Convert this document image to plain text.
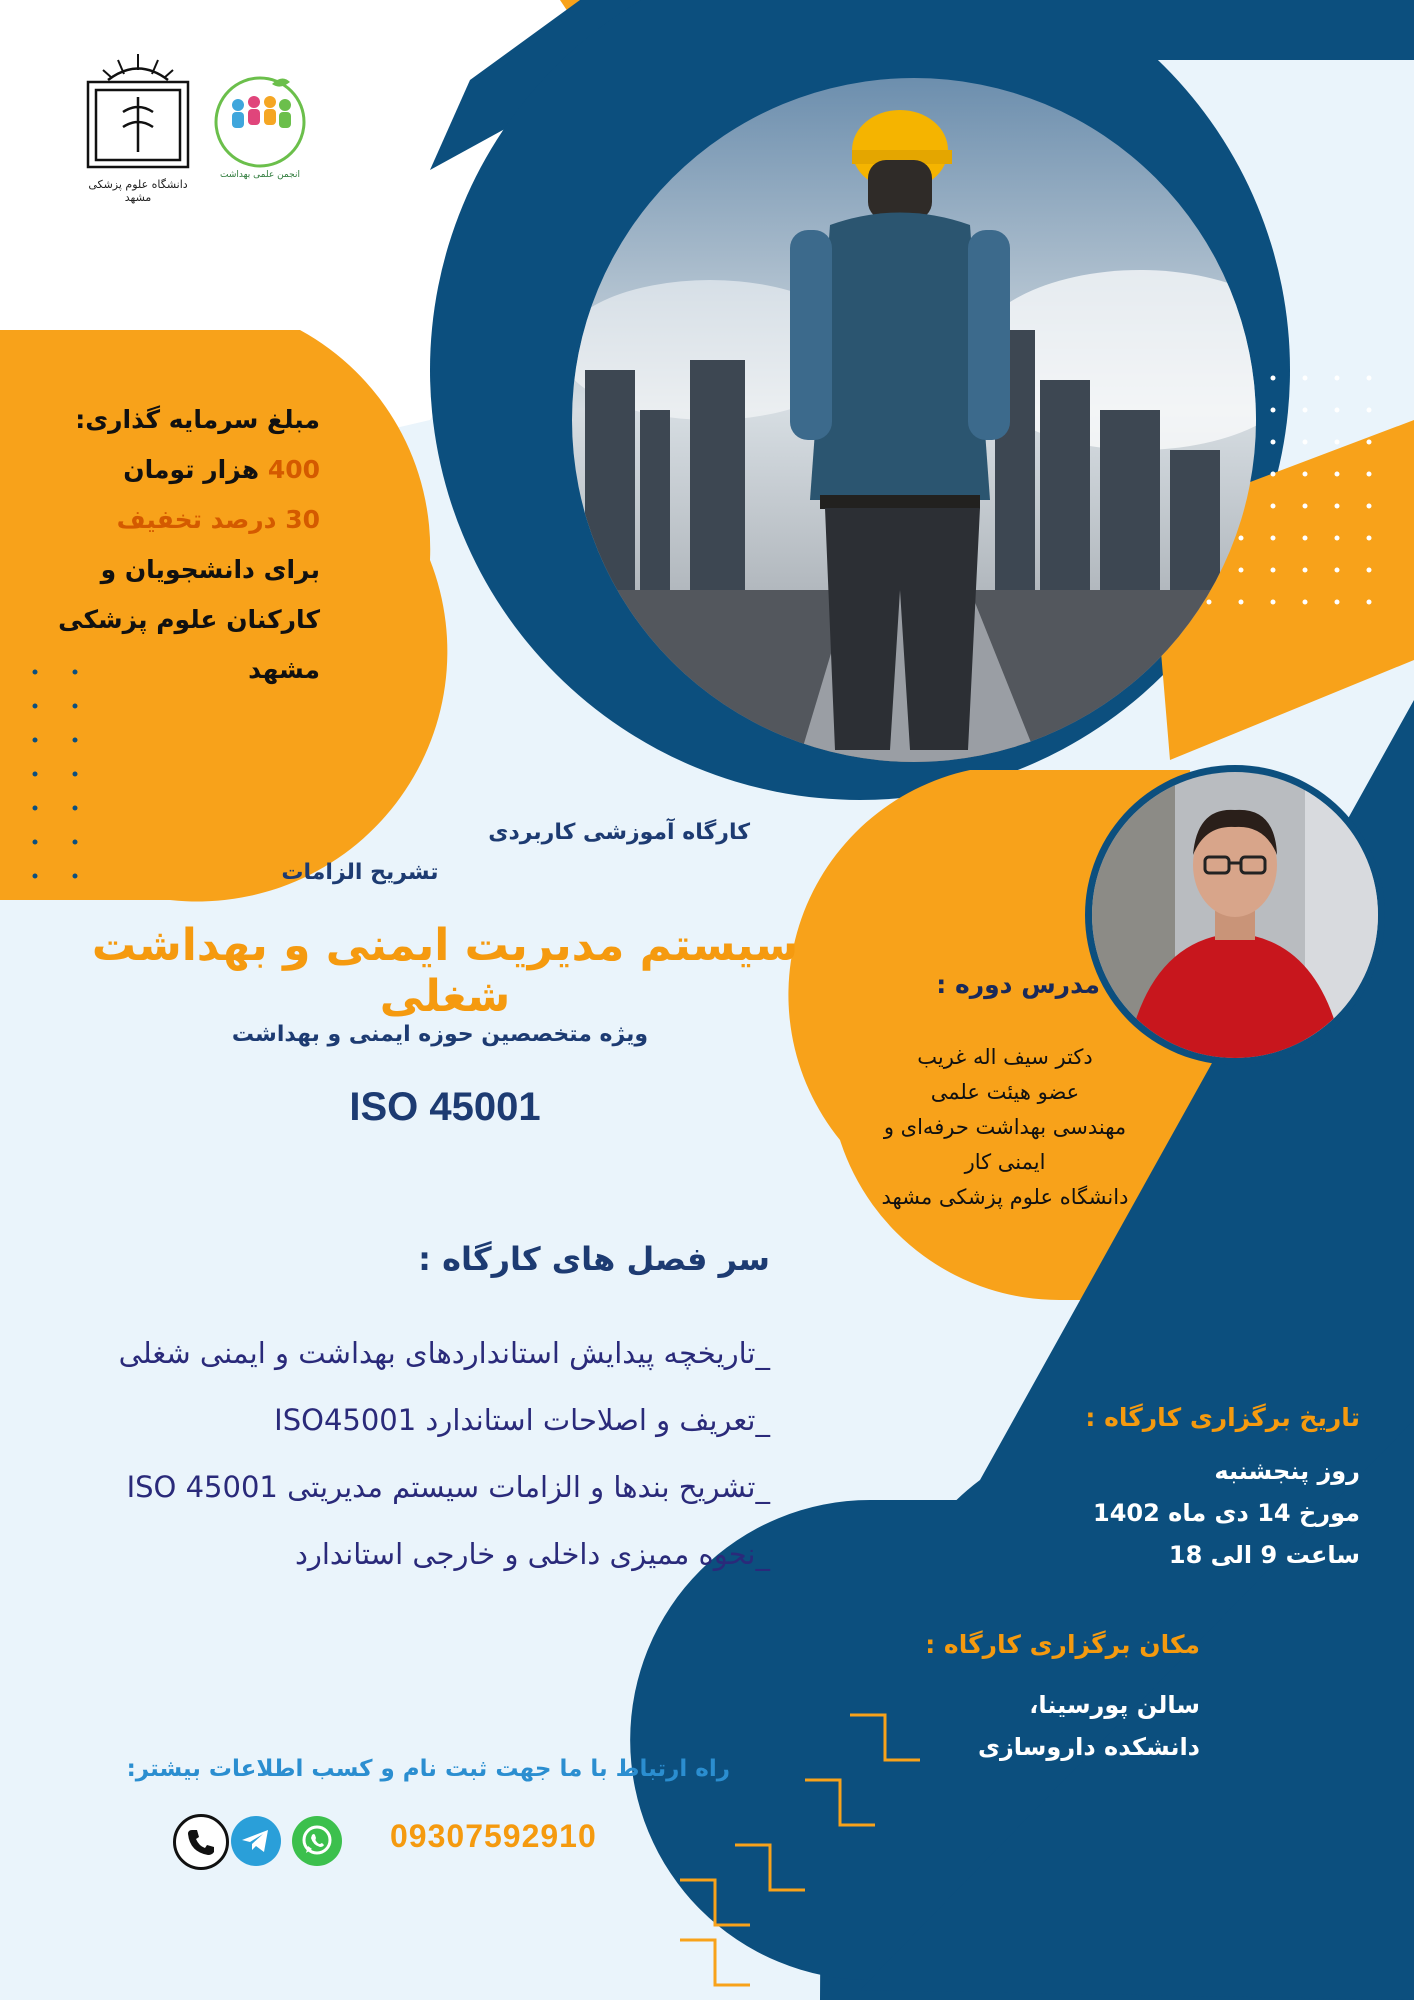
دانشگاه علوم پزشکی مشهد
انجمن علمی بهداشت
مبلغ سرمایه گذاری:
400 هزار تومان
30 درصد تخفیف
برای دانشجویان و
کارکنان علوم پزشکی
مشهد
کارگاه آموزشی کاربردی
تشریح الزامات
سیستم مدیریت ایمنی و بهداشت شغلی
ویژه متخصصین حوزه ایمنی و بهداشت
ISO 45001
سر فصل های کارگاه :
_تاریخچه پیدایش استانداردهای بهداشت و ایمنی شغلی
_تعریف و اصلاحات استاندارد ISO45001
_تشریح بندها و الزامات سیستم مدیریتی ISO 45001
_نحوه ممیزی داخلی و خارجی استاندارد
مدرس دوره :
دکتر سیف اله غریب
عضو هیئت علمی
مهندسی بهداشت حرفه‌ای و
ایمنی کار
دانشگاه علوم پزشکی مشهد
تاریخ برگزاری کارگاه :
روز پنجشنبه
مورخ 14 دی ماه 1402
ساعت 9 الی 18
مکان برگزاری کارگاه :
سالن پورسینا،
دانشکده داروسازی
راه ارتباط با ما جهت ثبت نام و کسب اطلاعات بیشتر:
09307592910
